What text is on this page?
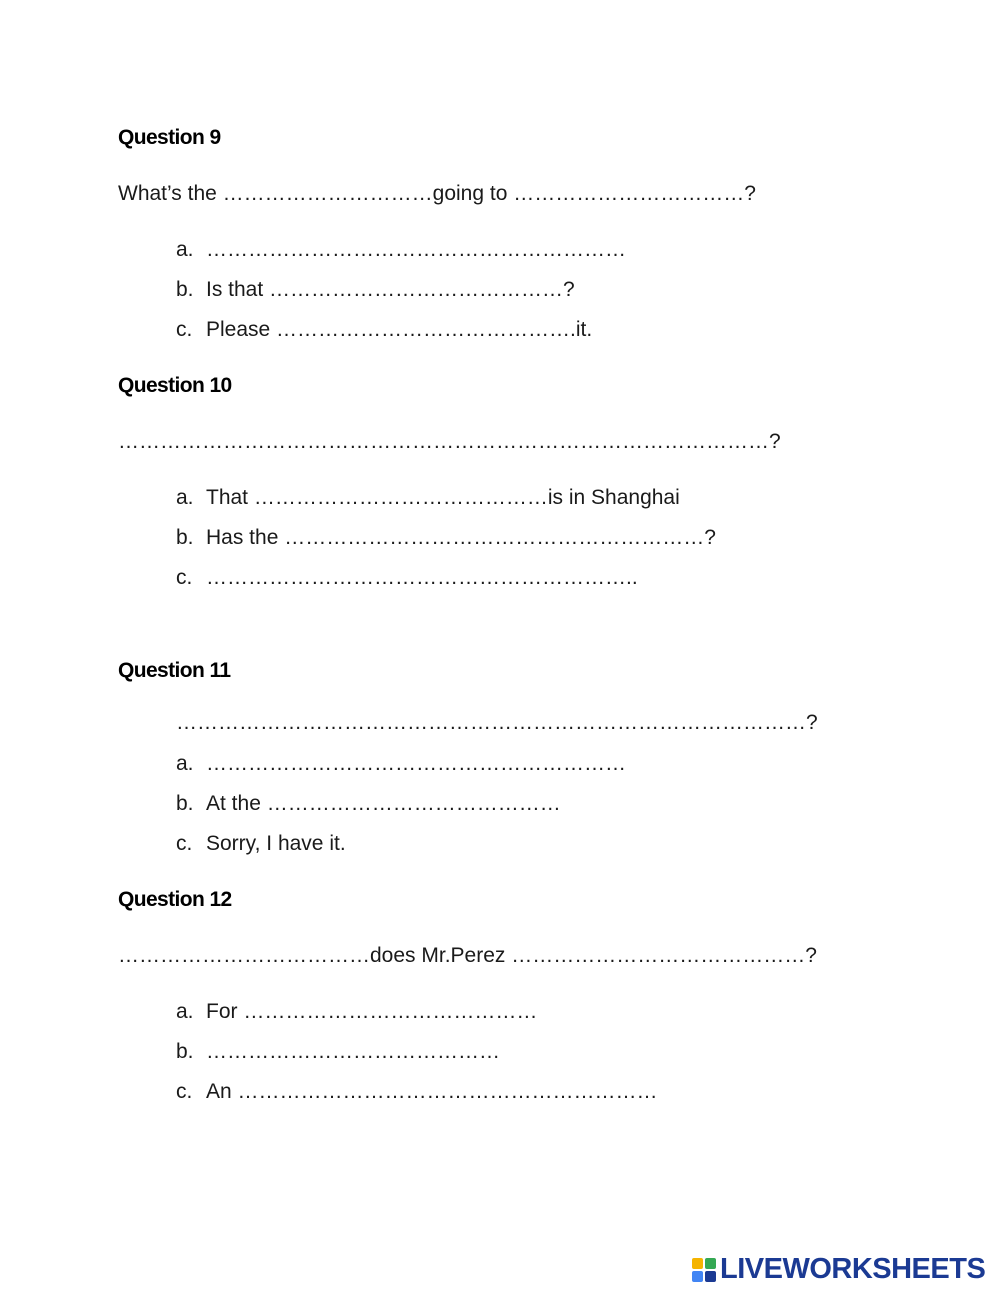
Question 9
What’s the …………………………going to ……………………………?
a. ……………………………………………………
b. Is that ……………………………………?
c. Please …………………………………….it.
Question 10
…………………………………………………………………………………?
a. That ……………………………………is in Shanghai
b. Has the ……………………………………………………?
c. ……………………………………………………..
Question 11
………………………………………………………………………………?
a. ……………………………………………………
b. At the ……………………………………
c. Sorry, I have it.
Question 12
………………………………does Mr.Perez ……………………………………?
a. For ……………………………………
b. ……………………………………
c. An ……………………………………………………
LIVEWORKSHEETS
